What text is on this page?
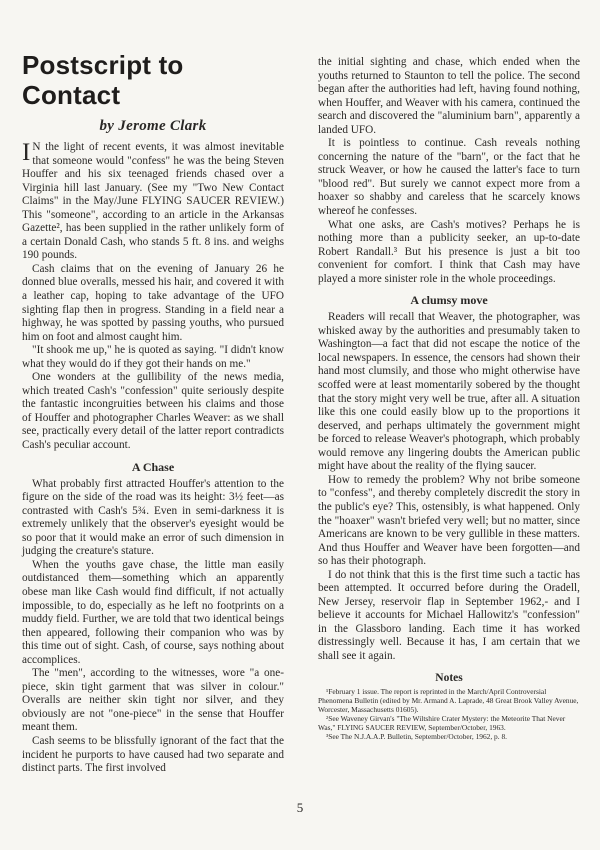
Postscript to Contact
by Jerome Clark

I N the light of recent events, it was almost inevitable that someone would "confess" he was the being Steven Houffer and his six teenaged friends chased over a Virginia hill last January. (See my "Two New Contact Claims" in the May/June FLYING SAUCER REVIEW.) This "someone", according to an article in the Arkansas Gazette², has been supplied in the rather unlikely form of a certain Donald Cash, who stands 5 ft. 8 ins. and weighs 190 pounds.

Cash claims that on the evening of January 26 he donned blue overalls, messed his hair, and covered it with a leather cap, hoping to take advantage of the UFO sighting flap then in progress. Standing in a field near a highway, he was spotted by passing youths, who pursued him on foot and almost caught him.

"It shook me up," he is quoted as saying. "I didn't know what they would do if they got their hands on me."

One wonders at the gullibility of the news media, which treated Cash's "confession" quite seriously despite the fantastic incongruities between his claims and those of Houffer and photographer Charles Weaver: as we shall see, practically every detail of the latter report contradicts Cash's peculiar account.

A Chase

What probably first attracted Houffer's attention to the figure on the side of the road was its height: 3½ feet—as contrasted with Cash's 5¾. Even in semi-darkness it is extremely unlikely that the observer's eyesight would be so poor that it would make an error of such dimension in judging the creature's stature.

When the youths gave chase, the little man easily outdistanced them—something which an apparently obese man like Cash would find difficult, if not actually impossible, to do, especially as he left no footprints on a muddy field. Further, we are told that two identical beings then appeared, following their companion who was by this time out of sight. Cash, of course, says nothing about accomplices.

The "men", according to the witnesses, wore "a one-piece, skin tight garment that was silver in colour." Overalls are neither skin tight nor silver, and they obviously are not "one-piece" in the sense that Houffer meant them.

Cash seems to be blissfully ignorant of the fact that the incident he purports to have caused had two separate and distinct parts. The first involved

the initial sighting and chase, which ended when the youths returned to Staunton to tell the police. The second began after the authorities had left, having found nothing, when Houffer, and Weaver with his camera, continued the search and discovered the "aluminium barn", apparently a landed UFO.

It is pointless to continue. Cash reveals nothing concerning the nature of the "barn", or the fact that he struck Weaver, or how he caused the latter's face to turn "blood red". But surely we cannot expect more from a hoaxer so shabby and careless that he scarcely knows whereof he confesses.

What one asks, are Cash's motives? Perhaps he is nothing more than a publicity seeker, an up-to-date Robert Randall.³ But his presence is just a bit too convenient for comfort. I think that Cash may have played a more sinister role in the whole proceedings.

A clumsy move

Readers will recall that Weaver, the photographer, was whisked away by the authorities and presumably taken to Washington—a fact that did not escape the notice of the local newspapers. In essence, the censors had shown their hand most clumsily, and those who might otherwise have scoffed were at least momentarily sobered by the thought that the story might very well be true, after all. A situation like this one could easily blow up to the proportions it deserved, and perhaps ultimately the government might be forced to release Weaver's photograph, which probably would remove any lingering doubts the American public might have about the reality of the flying saucer.

How to remedy the problem? Why not bribe someone to "confess", and thereby completely discredit the story in the public's eye? This, ostensibly, is what happened. Only the "hoaxer" wasn't briefed very well; but no matter, since Americans are known to be very gullible in these matters. And thus Houffer and Weaver have been forgotten—and so has their photograph.

I do not think that this is the first time such a tactic has been attempted. It occurred before during the Oradell, New Jersey, reservoir flap in September 1962,- and I believe it accounts for Michael Hallowitz's "confession" in the Glassboro landing. Each time it has worked distressingly well. Because it has, I am certain that we shall see it again.

Notes

¹February 1 issue. The report is reprinted in the March/April Controversial Phenomena Bulletin (edited by Mr. Armand A. Laprade, 48 Great Brook Valley Avenue, Worcester, Massachusetts 01605).

²See Waveney Girvan's "The Wiltshire Crater Mystery: the Meteorite That Never Was," FLYING SAUCER REVIEW, September/October, 1963.

³See The N.J.A.A.P. Bulletin, September/October, 1962, p. 8.

5
